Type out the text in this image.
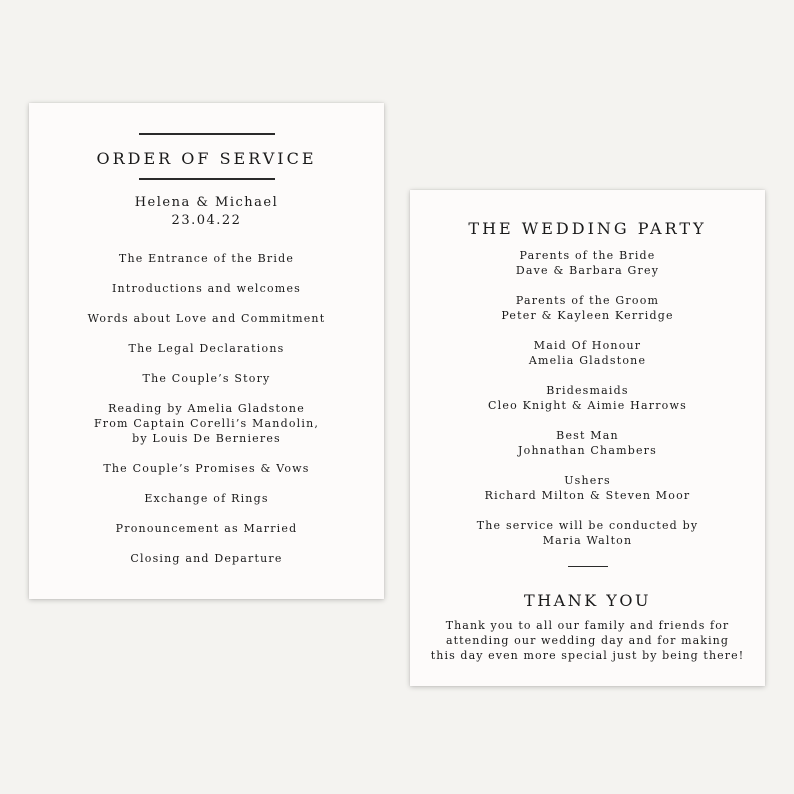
ORDER OF SERVICE
Helena & Michael
23.04.22
The Entrance of the Bride
Introductions and welcomes
Words about Love and Commitment
The Legal Declarations
The Couple’s Story
Reading by Amelia Gladstone
From Captain Corelli’s Mandolin,
by Louis De Bernieres
The Couple’s Promises & Vows
Exchange of Rings
Pronouncement as Married
Closing and Departure
THE WEDDING PARTY
Parents of the Bride
Dave & Barbara Grey
Parents of the Groom
Peter & Kayleen Kerridge
Maid Of Honour
Amelia Gladstone
Bridesmaids
Cleo Knight & Aimie Harrows
Best Man
Johnathan Chambers
Ushers
Richard Milton & Steven Moor
The service will be conducted by
Maria Walton
THANK YOU
Thank you to all our family and friends for
attending our wedding day and for making
this day even more special just by being there!
